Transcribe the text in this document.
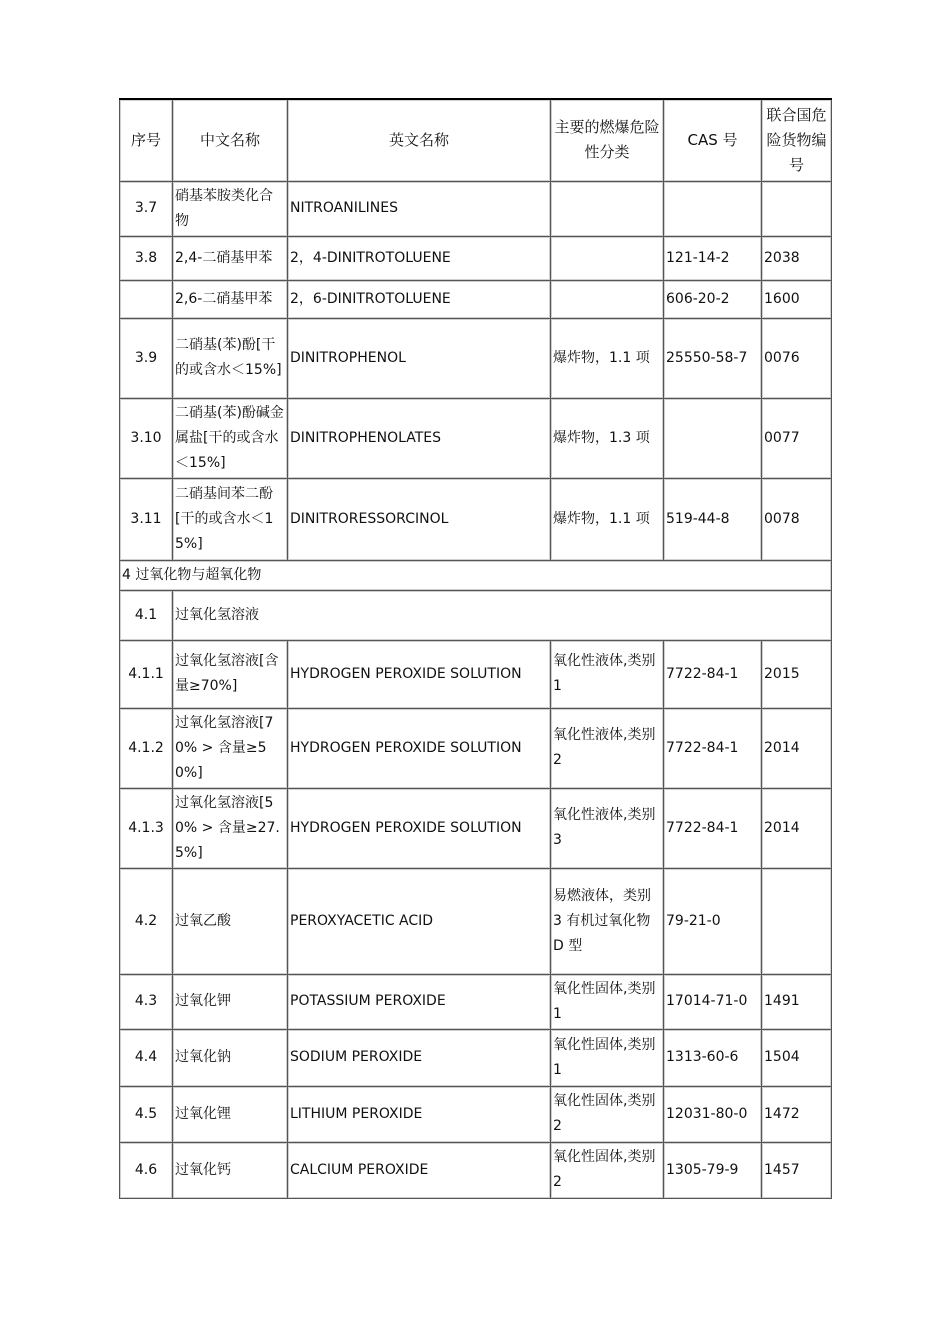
序号	中文名称	英文名称	主要的燃爆危险性分类	CAS 号	联合国危险货物编号
3.7	硝基苯胺类化合物	NITROANILINES			
3.8	2,4-二硝基甲苯	2，4-DINITROTOLUENE		121-14-2	2038
	2,6-二硝基甲苯	2，6-DINITROTOLUENE		606-20-2	1600
3.9	二硝基(苯)酚[干的或含水＜15%]	DINITROPHENOL	爆炸物，1.1 项	25550-58-7	0076
3.10	二硝基(苯)酚碱金属盐[干的或含水＜15%]	DINITROPHENOLATES	爆炸物，1.3 项		0077
3.11	二硝基间苯二酚[干的或含水＜15%]	DINITRORESSORCINOL	爆炸物，1.1 项	519-44-8	0078
4 过氧化物与超氧化物					
4.1	过氧化氢溶液				
4.1.1	过氧化氢溶液[含量≥70%]	HYDROGEN PEROXIDE SOLUTION	氧化性液体,类别 1	7722-84-1	2015
4.1.2	过氧化氢溶液[70% > 含量≥50%]	HYDROGEN PEROXIDE SOLUTION	氧化性液体,类别 2	7722-84-1	2014
4.1.3	过氧化氢溶液[50% > 含量≥27.5%]	HYDROGEN PEROXIDE SOLUTION	氧化性液体,类别 3	7722-84-1	2014
4.2	过氧乙酸	PEROXYACETIC ACID	易燃液体，类别 3 有机过氧化物 D 型	79-21-0	
4.3	过氧化钾	POTASSIUM PEROXIDE	氧化性固体,类别 1	17014-71-0	1491
4.4	过氧化钠	SODIUM PEROXIDE	氧化性固体,类别 1	1313-60-6	1504
4.5	过氧化锂	LITHIUM PEROXIDE	氧化性固体,类别 2	12031-80-0	1472
4.6	过氧化钙	CALCIUM PEROXIDE	氧化性固体,类别 2	1305-79-9	1457
